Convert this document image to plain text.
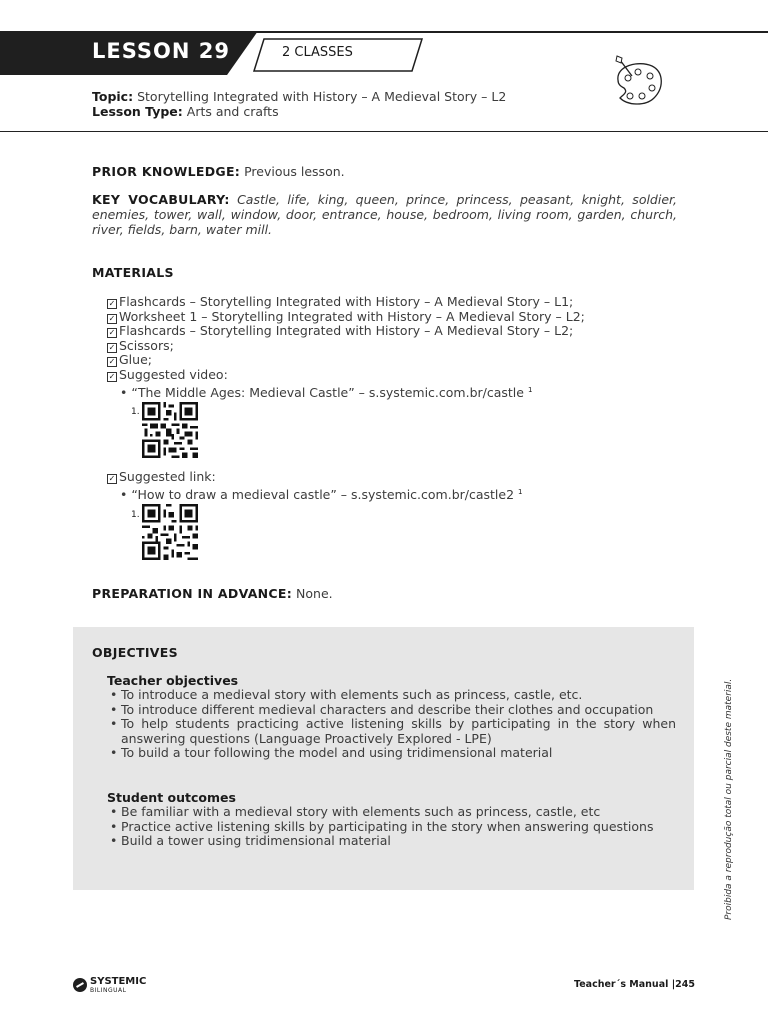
LESSON 29	2 CLASSES
Topic: Storytelling Integrated with History – A Medieval Story – L2
Lesson Type: Arts and crafts
PRIOR KNOWLEDGE: Previous lesson.
KEY VOCABULARY: Castle, life, king, queen, prince, princess, peasant, knight, soldier, enemies, tower, wall, window, door, entrance, house, bedroom, living room, garden, church, river, fields, barn, water mill.
MATERIALS
✓ Flashcards – Storytelling Integrated with History – A Medieval Story – L1;
✓ Worksheet 1 – Storytelling Integrated with History – A Medieval Story – L2;
✓ Flashcards – Storytelling Integrated with History – A Medieval Story – L2;
✓ Scissors;
✓ Glue;
✓ Suggested video:
• “The Middle Ages: Medieval Castle” – s.systemic.com.br/castle $^1$
1.
✓ Suggested link:
• “How to draw a medieval castle” – s.systemic.com.br/castle2 $^1$
1.
PREPARATION IN ADVANCE: None.
OBJECTIVES
Teacher objectives
• To introduce a medieval story with elements such as princess, castle, etc.
• To introduce different medieval characters and describe their clothes and occupation
• To help students practicing active listening skills by participating in the story when answering questions (Language Proactively Explored - LPE)
• To build a tour following the model and using tridimensional material
Student outcomes
• Be familiar with a medieval story with elements such as princess, castle, etc
• Practice active listening skills by participating in the story when answering questions
• Build a tower using tridimensional material	Proibida a reprodução total ou parcial deste material.
SYSTEMIC
BILINGUAL
Teacher´s Manual |245
